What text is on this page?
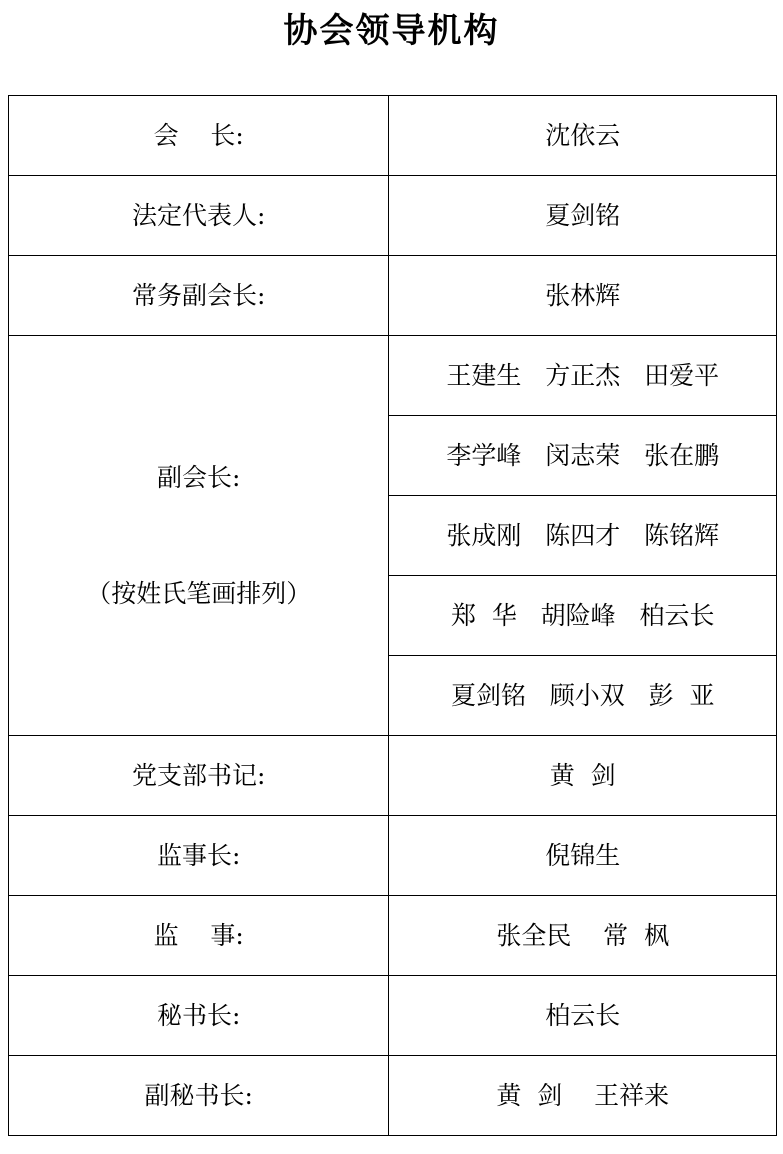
协会领导机构
会    长:	沈依云
法定代表人:	夏剑铭
常务副会长:	张林辉

副会长:

（按姓氏笔画排列）	王建生   方正杰   田爱平
	李学峰   闵志荣   张在鹏
	张成刚   陈四才   陈铭辉
	郑  华   胡险峰   柏云长
	夏剑铭   顾小双   彭  亚
党支部书记:	黄  剑
监事长:	倪锦生
监    事:	张全民    常  枫
秘书长:	柏云长
副秘书长:	黄  剑    王祥来
